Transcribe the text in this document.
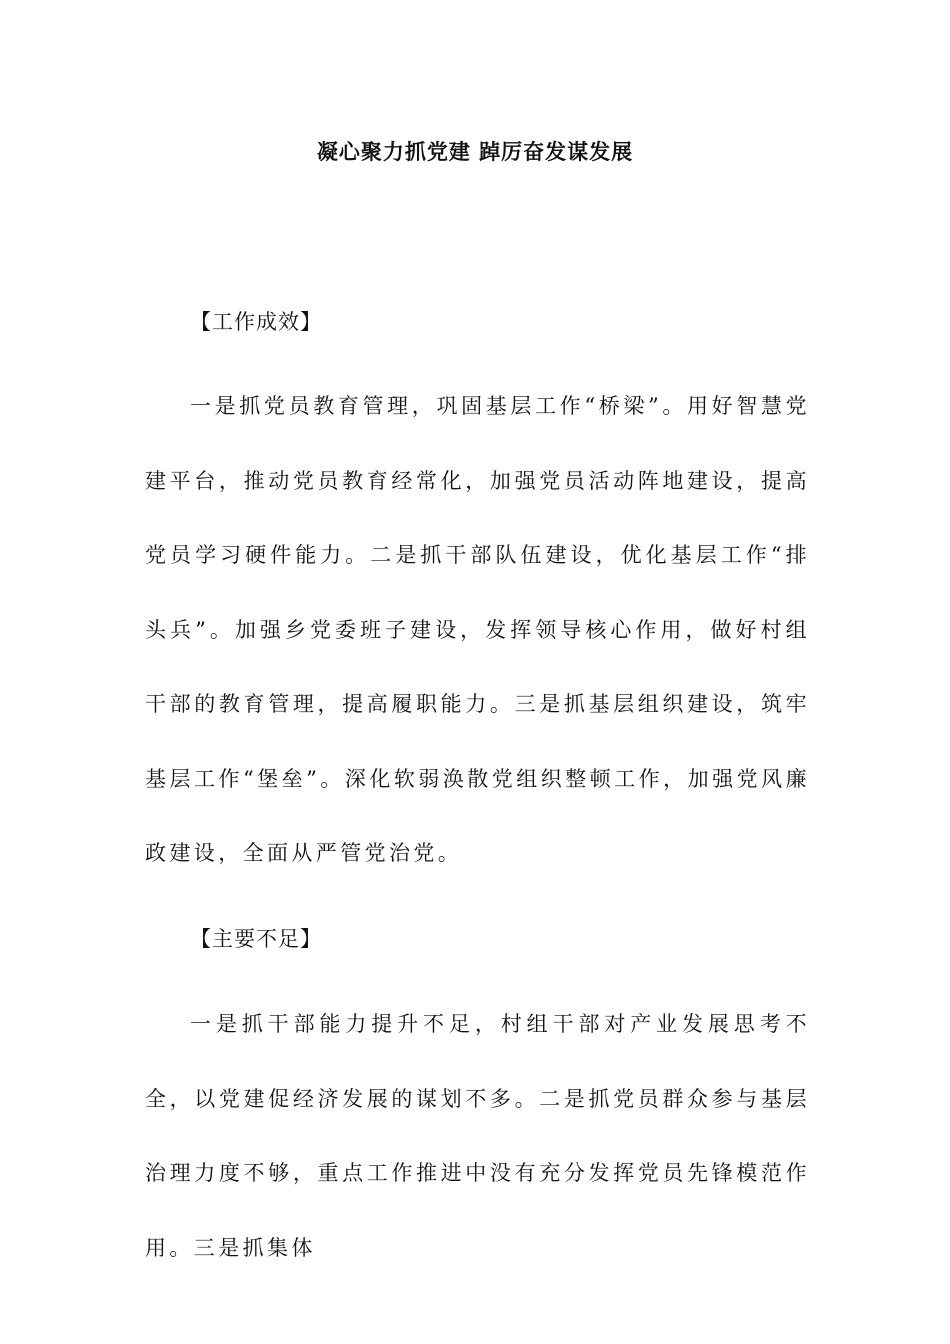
凝心聚力抓党建 踔厉奋发谋发展
【工作成效】

一是抓党员教育管理，巩固基层工作“桥梁”。用好智慧党建平台，推动党员教育经常化，加强党员活动阵地建设，提高党员学习硬件能力。二是抓干部队伍建设，优化基层工作“排头兵”。加强乡党委班子建设，发挥领导核心作用，做好村组干部的教育管理，提高履职能力。三是抓基层组织建设，筑牢基层工作“堡垒”。深化软弱涣散党组织整顿工作，加强党风廉政建设，全面从严管党治党。

【主要不足】

一是抓干部能力提升不足，村组干部对产业发展思考不全，以党建促经济发展的谋划不多。二是抓党员群众参与基层治理力度不够，重点工作推进中没有充分发挥党员先锋模范作用。三是抓集体
